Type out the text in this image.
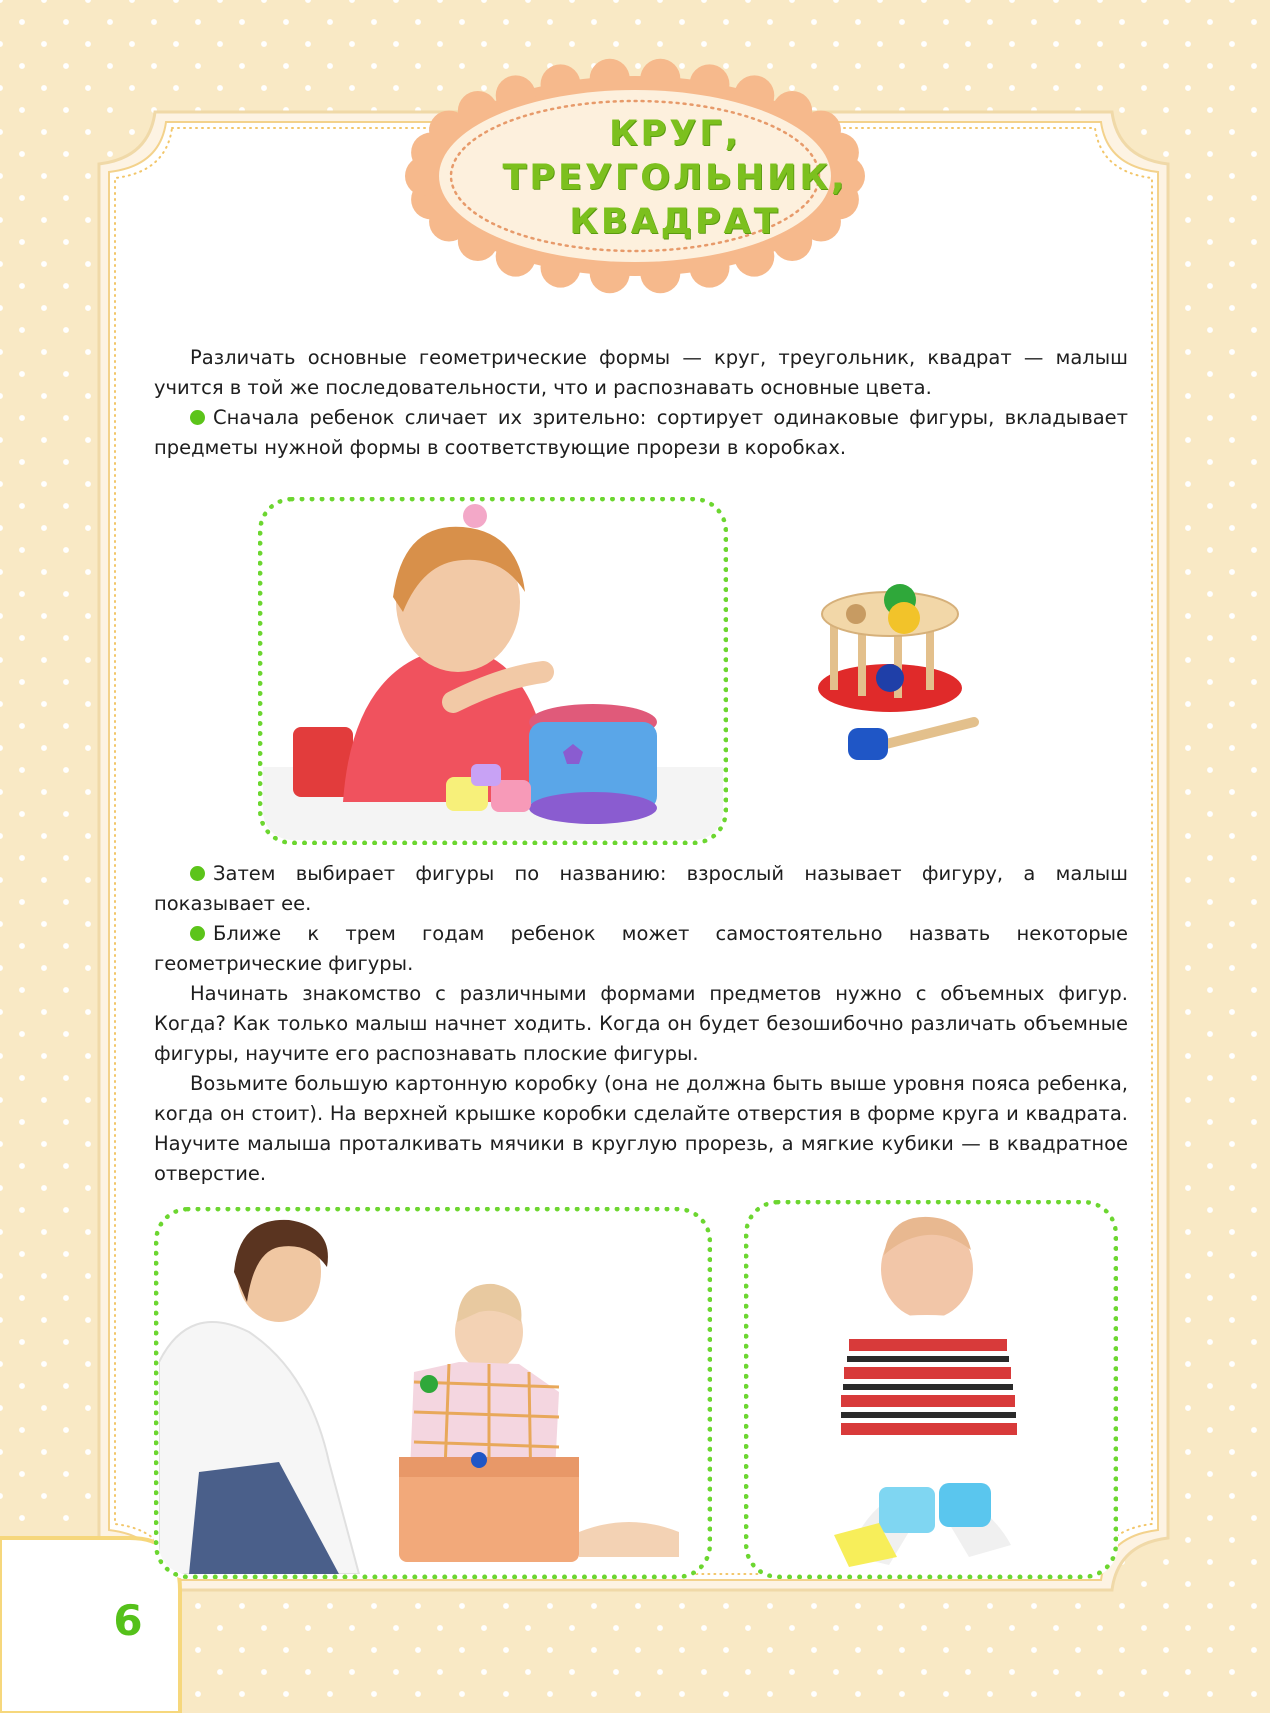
КРУГ,
ТРЕУГОЛЬНИК,
КВАДРАТ

Различать основные геометрические формы — круг, треугольник, квадрат — малыш учится в той же последовательности, что и распознавать основные цвета.

Сначала ребенок сличает их зрительно: сортирует одинаковые фигуры, вкладывает предметы нужной формы в соответствующие прорези в коробках.

Затем выбирает фигуры по названию: взрослый называет фигуру, а малыш показывает ее.

Ближе к трем годам ребенок может самостоятельно назвать некоторые геометрические фигуры.

Начинать знакомство с различными формами предметов нужно с объемных фигур. Когда? Как только малыш начнет ходить. Когда он будет безошибочно различать объемные фигуры, научите его распознавать плоские фигуры.

Возьмите большую картонную коробку (она не должна быть выше уровня пояса ребенка, когда он стоит). На верхней крышке коробки сделайте отверстия в форме круга и квадрата. Научите малыша проталкивать мячики в круглую прорезь, а мягкие кубики — в квадратное отверстие.

6
